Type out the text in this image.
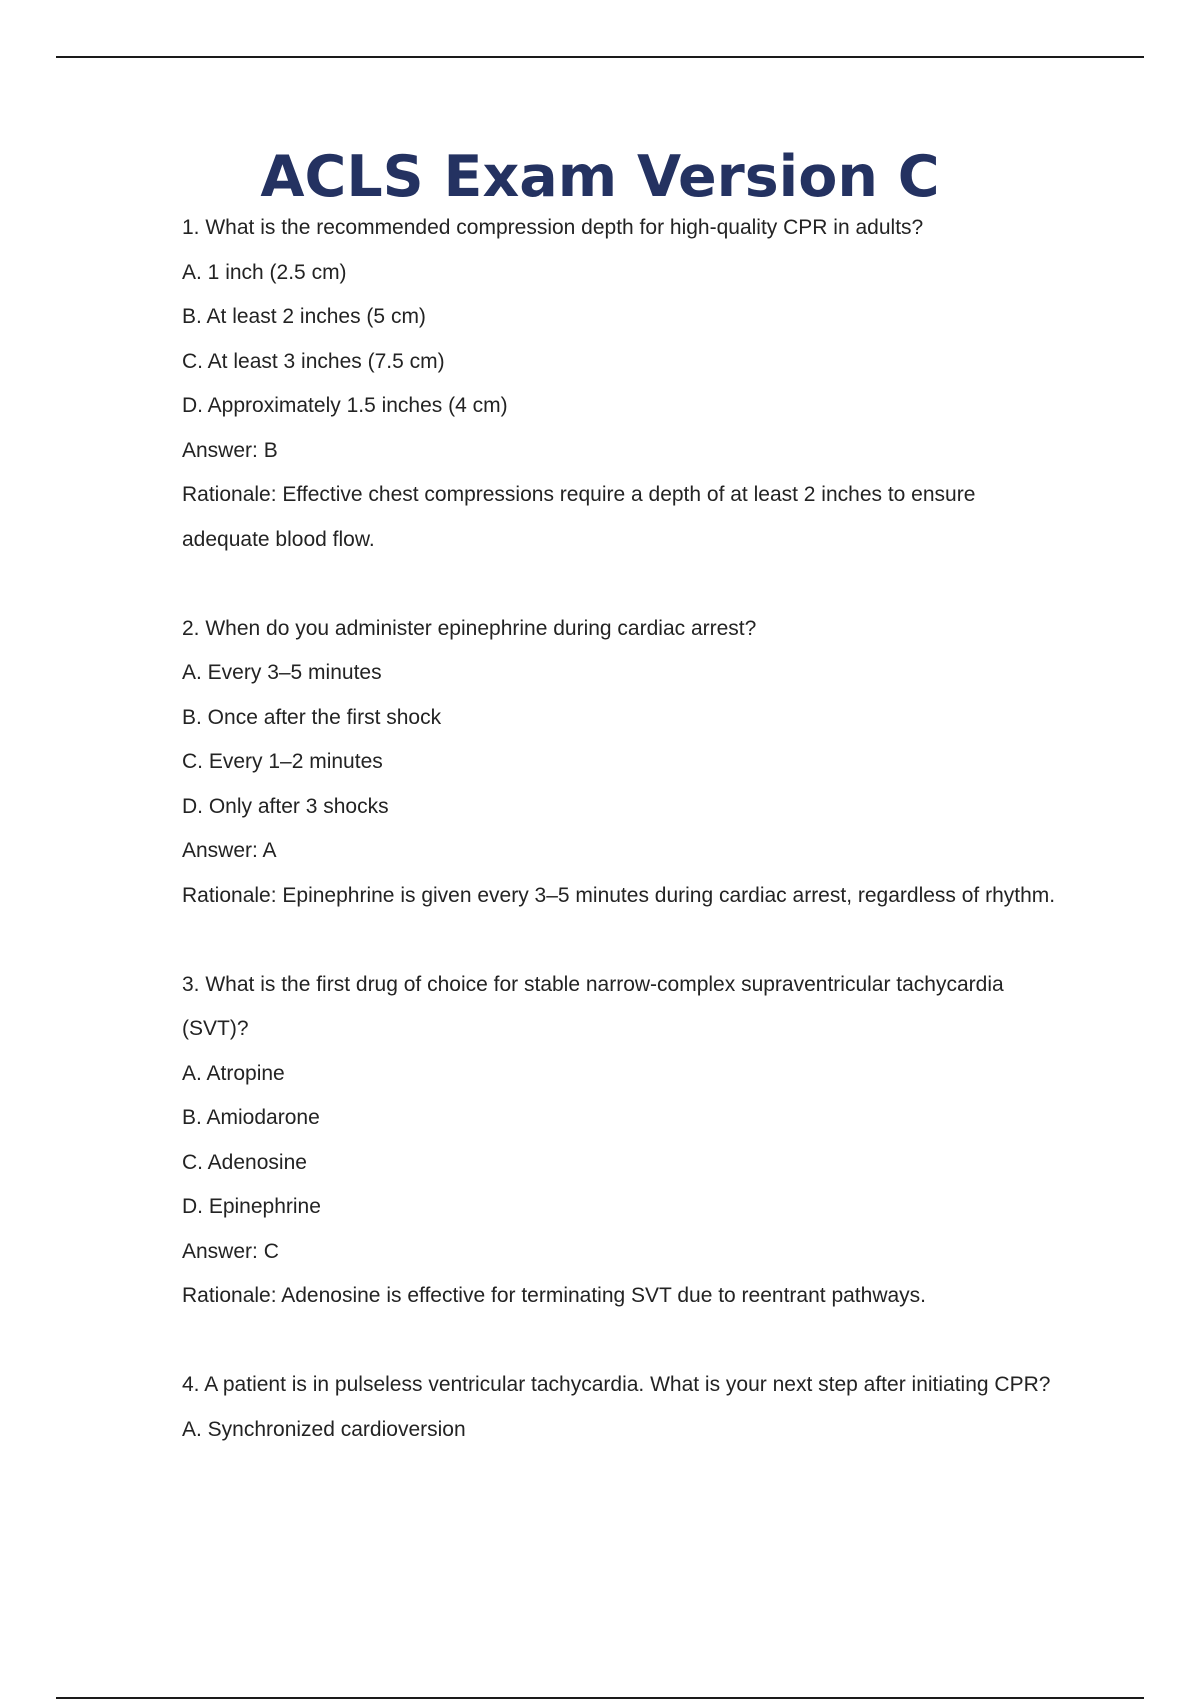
ACLS Exam Version C

1. What is the recommended compression depth for high-quality CPR in adults?

A. 1 inch (2.5 cm)

B. At least 2 inches (5 cm)

C. At least 3 inches (7.5 cm)

D. Approximately 1.5 inches (4 cm)

Answer: B

Rationale: Effective chest compressions require a depth of at least 2 inches to ensure adequate blood flow.

2. When do you administer epinephrine during cardiac arrest?

A. Every 3–5 minutes

B. Once after the first shock

C. Every 1–2 minutes

D. Only after 3 shocks

Answer: A

Rationale: Epinephrine is given every 3–5 minutes during cardiac arrest, regardless of rhythm.

3. What is the first drug of choice for stable narrow-complex supraventricular tachycardia (SVT)?

A. Atropine

B. Amiodarone

C. Adenosine

D. Epinephrine

Answer: C

Rationale: Adenosine is effective for terminating SVT due to reentrant pathways.

4. A patient is in pulseless ventricular tachycardia. What is your next step after initiating CPR?

A. Synchronized cardioversion
